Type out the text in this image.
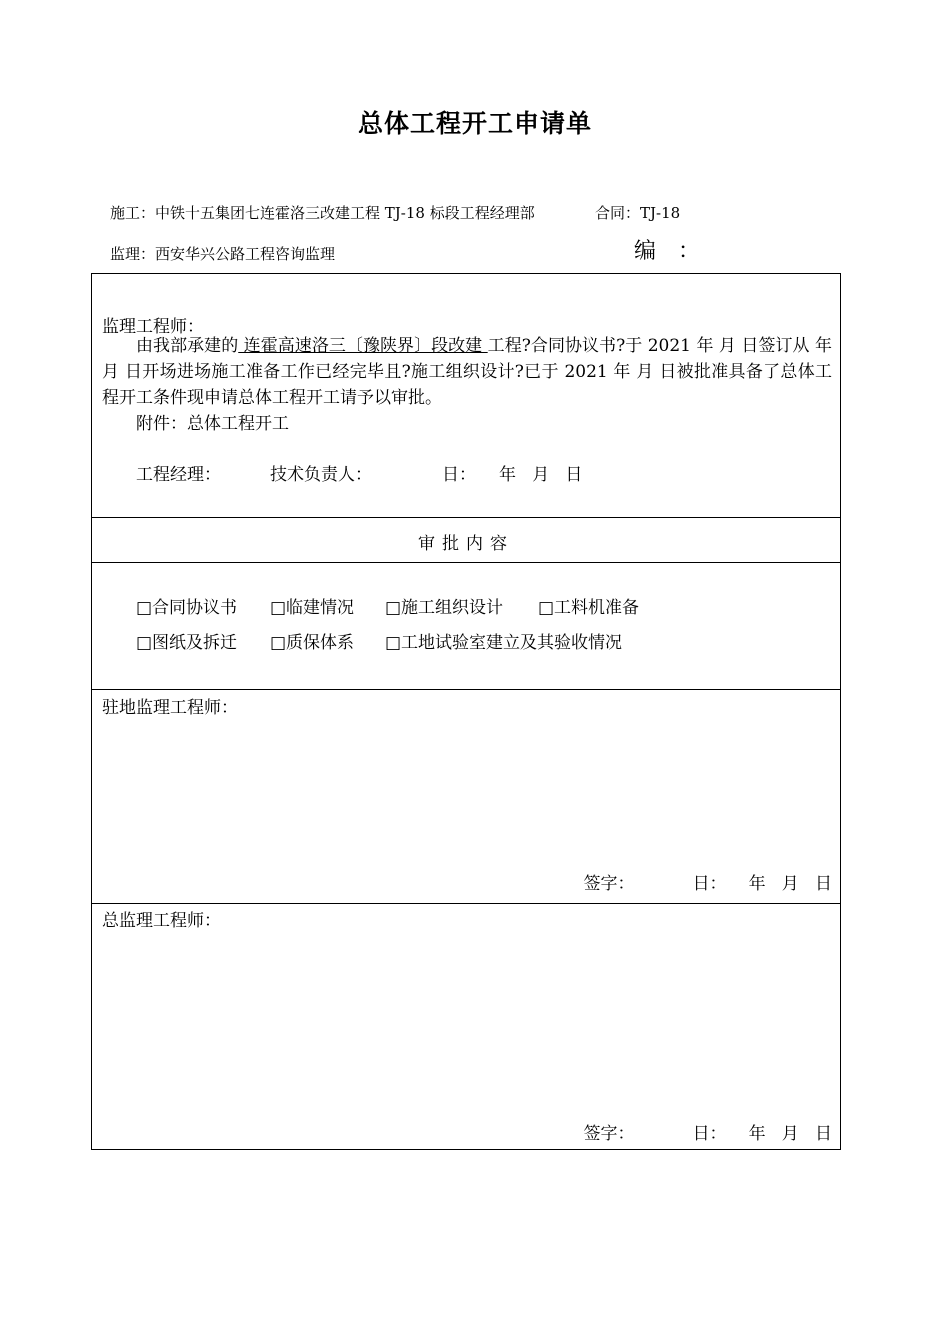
总体工程开工申请单
施工：中铁十五集团七连霍洛三改建工程 TJ-18 标段工程经理部	合同：TJ-18
监理：西安华兴公路工程咨询监理	编 ：
监理工程师：

由我部承建的 连霍高速洛三〔豫陕界〕段改建 工程?合同协议书?于 2021 年 月 日签订从 年 月 日开场进场施工准备工作已经完毕且?施工组织设计?已于 2021 年 月 日被批准具备了总体工程开工条件现申请总体工程开工请予以审批。

附件：总体工程开工

工程经理：	技术负责人：	日： 年   月   日
审批内容
□合同协议书 □临建情况 □施工组织设计 □工料机准备
□图纸及拆迁 □质保体系 □工地试验室建立及其验收情况
驻地监理工程师：
签字：	日： 年   月   日
总监理工程师：
签字：	日： 年   月   日
